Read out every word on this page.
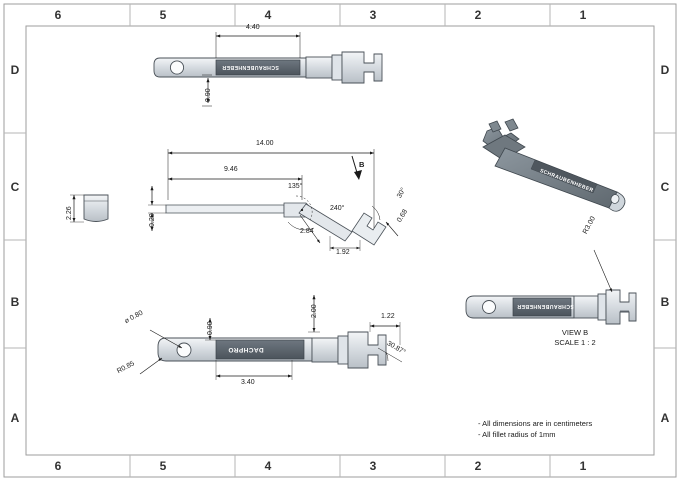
6	5	4	3	2	1
6	5	4	3	2	1
D
C
B
A
D
C
B
A
4.40
0.90
14.00
9.46
0.20
2.84
1.92
0.68
2.26
135°
240°
30°
B
⌀ 0.80
R0.85
0.90
3.40
2.00	1.22
30.87°
R3.00
SCHRAUBENHEBER
DACHPRO
SCHRAUBENHEBER
SCHRAUBENHEBER
VIEW B
SCALE 1 : 2
- All dimensions are in centimeters
- All fillet radius of 1mm
